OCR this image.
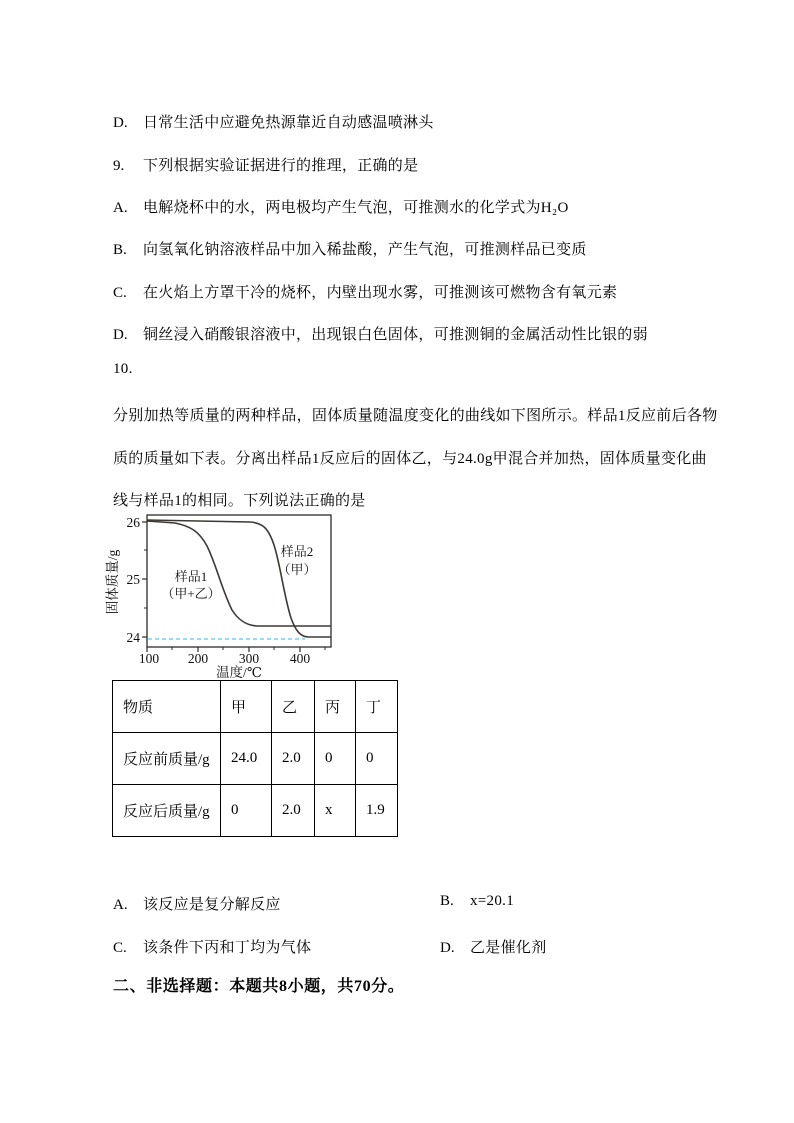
D. 日常生活中应避免热源靠近自动感温喷淋头
9. 下列根据实验证据进行的推理，正确的是
A. 电解烧杯中的水，两电极均产生气泡，可推测水的化学式为H₂O
B. 向氢氧化钠溶液样品中加入稀盐酸，产生气泡，可推测样品已变质
C. 在火焰上方罩干冷的烧杯，内壁出现水雾，可推测该可燃物含有氧元素
D. 铜丝浸入硝酸银溶液中，出现银白色固体，可推测铜的金属活动性比银的弱
10.
分别加热等质量的两种样品，固体质量随温度变化的曲线如下图所示。样品1反应前后各物
质的质量如下表。分离出样品1反应后的固体乙，与24.0g甲混合并加热，固体质量变化曲
线与样品1的相同。下列说法正确的是
26
25
24
100 200 300 400
温度/℃
固体质量/g	样品1
（甲+乙）
样品2
（甲）
物质	甲	乙	丙	丁
反应前质量/g	24.0	2.0	0	0
反应后质量/g	0	2.0	x	1.9
A. 该反应是复分解反应	B. x=20.1
C. 该条件下丙和丁均为气体	D. 乙是催化剂
二、非选择题：本题共8小题，共70分。
